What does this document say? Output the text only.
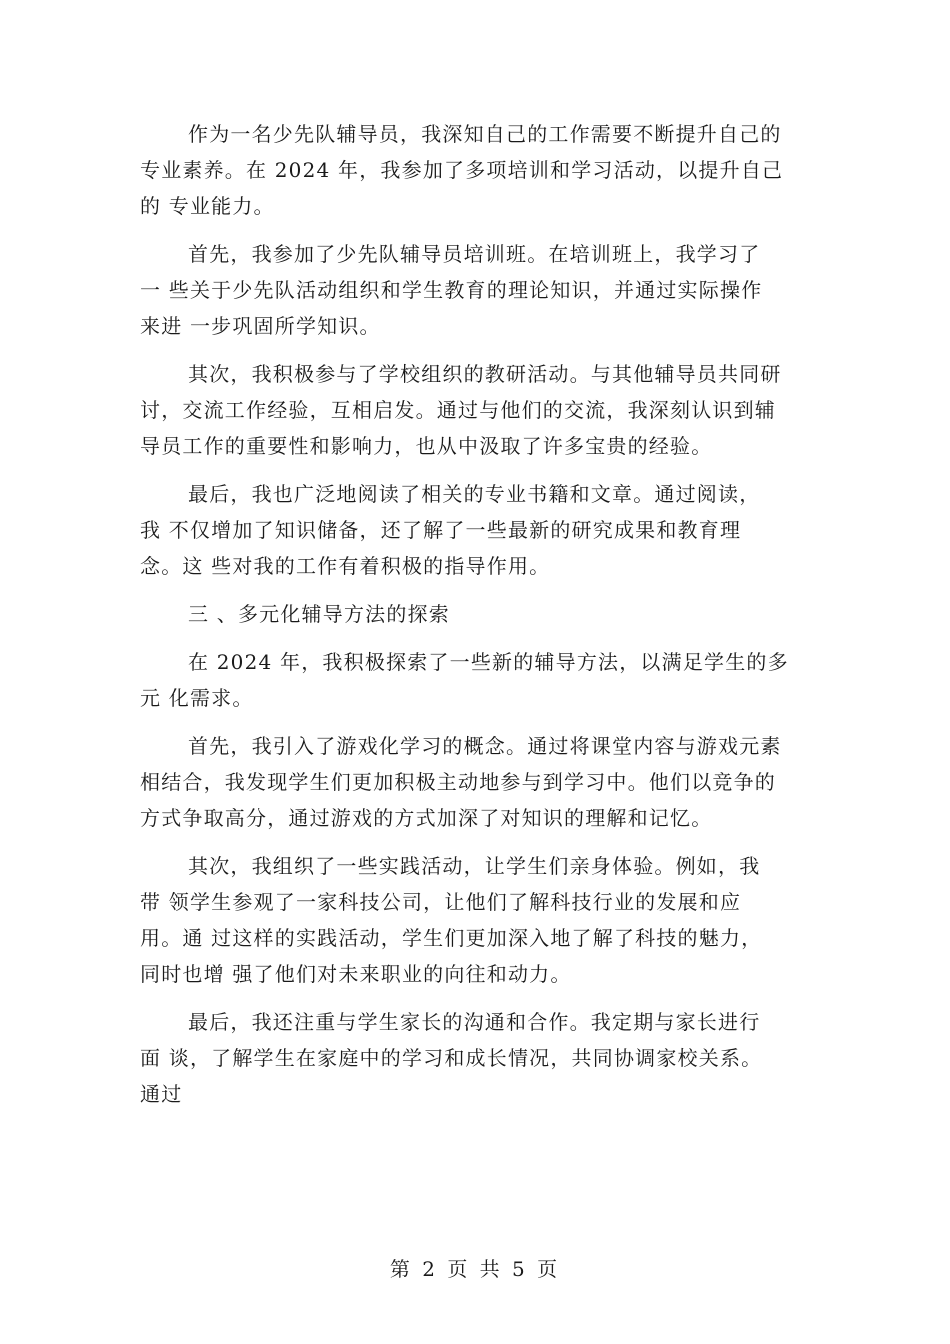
作为一名少先队辅导员，我深知自己的工作需要不断提升自己的
专业素养。在 2024 年，我参加了多项培训和学习活动，以提升自己
的 专业能力。
首先，我参加了少先队辅导员培训班。在培训班上，我学习了
一 些关于少先队活动组织和学生教育的理论知识，并通过实际操作
来进 一步巩固所学知识。
其次，我积极参与了学校组织的教研活动。与其他辅导员共同研
讨，交流工作经验，互相启发。通过与他们的交流，我深刻认识到辅
导员工作的重要性和影响力，也从中汲取了许多宝贵的经验。
最后，我也广泛地阅读了相关的专业书籍和文章。通过阅读，
我 不仅增加了知识储备，还了解了一些最新的研究成果和教育理
念。这 些对我的工作有着积极的指导作用。
三 、多元化辅导方法的探索
在 2024 年，我积极探索了一些新的辅导方法，以满足学生的多
元 化需求。
首先，我引入了游戏化学习的概念。通过将课堂内容与游戏元素
相结合，我发现学生们更加积极主动地参与到学习中。他们以竞争的
方式争取高分，通过游戏的方式加深了对知识的理解和记忆。
其次，我组织了一些实践活动，让学生们亲身体验。例如，我
带 领学生参观了一家科技公司，让他们了解科技行业的发展和应
用。通 过这样的实践活动，学生们更加深入地了解了科技的魅力，
同时也增 强了他们对未来职业的向往和动力。
最后，我还注重与学生家长的沟通和合作。我定期与家长进行
面 谈，了解学生在家庭中的学习和成长情况，共同协调家校关系。
通过
第 2 页 共 5 页
